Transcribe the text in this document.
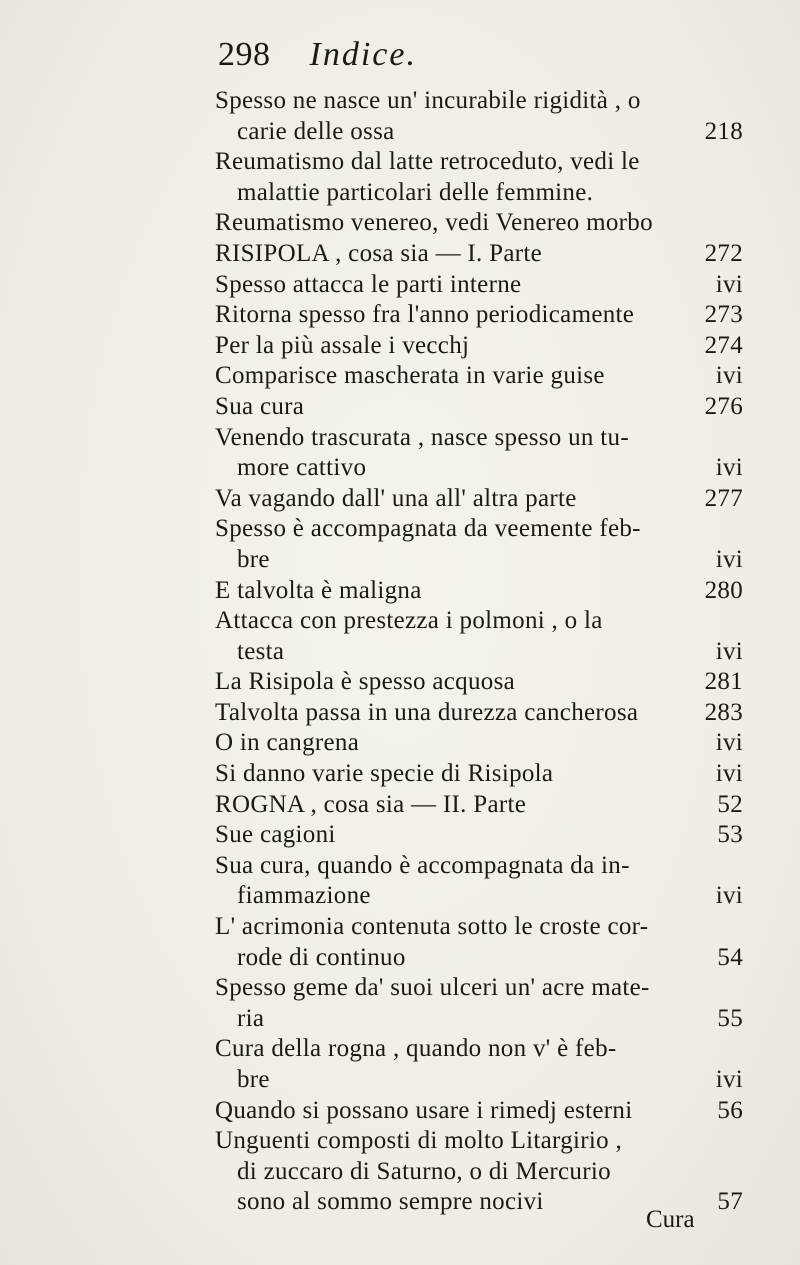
298 Indice.
Spesso ne nasce un' incurabile rigidità , o
carie delle ossa	218
Reumatismo dal latte retroceduto, vedi le
malattie particolari delle femmine.
Reumatismo venereo, vedi Venereo morbo
RISIPOLA , cosa sia — I. Parte	272
Spesso attacca le parti interne	ivi
Ritorna spesso fra l'anno periodicamente	273
Per la più assale i vecchj	274
Comparisce mascherata in varie guise	ivi
Sua cura	276
Venendo trascurata , nasce spesso un tu-
more cattivo	ivi
Va vagando dall' una all' altra parte	277
Spesso è accompagnata da veemente feb-
bre	ivi
E talvolta è maligna	280
Attacca con prestezza i polmoni , o la
testa	ivi
La Risipola è spesso acquosa	281
Talvolta passa in una durezza cancherosa	283
O in cangrena	ivi
Si danno varie specie di Risipola	ivi
ROGNA , cosa sia — II. Parte	52
Sue cagioni	53
Sua cura, quando è accompagnata da in-
fiammazione	ivi
L' acrimonia contenuta sotto le croste cor-
rode di continuo	54
Spesso geme da' suoi ulceri un' acre mate-
ria	55
Cura della rogna , quando non v' è feb-
bre	ivi
Quando si possano usare i rimedj esterni	56
Unguenti composti di molto Litargirio ,
di zuccaro di Saturno, o di Mercurio
sono al sommo sempre nocivi	57
Cura
